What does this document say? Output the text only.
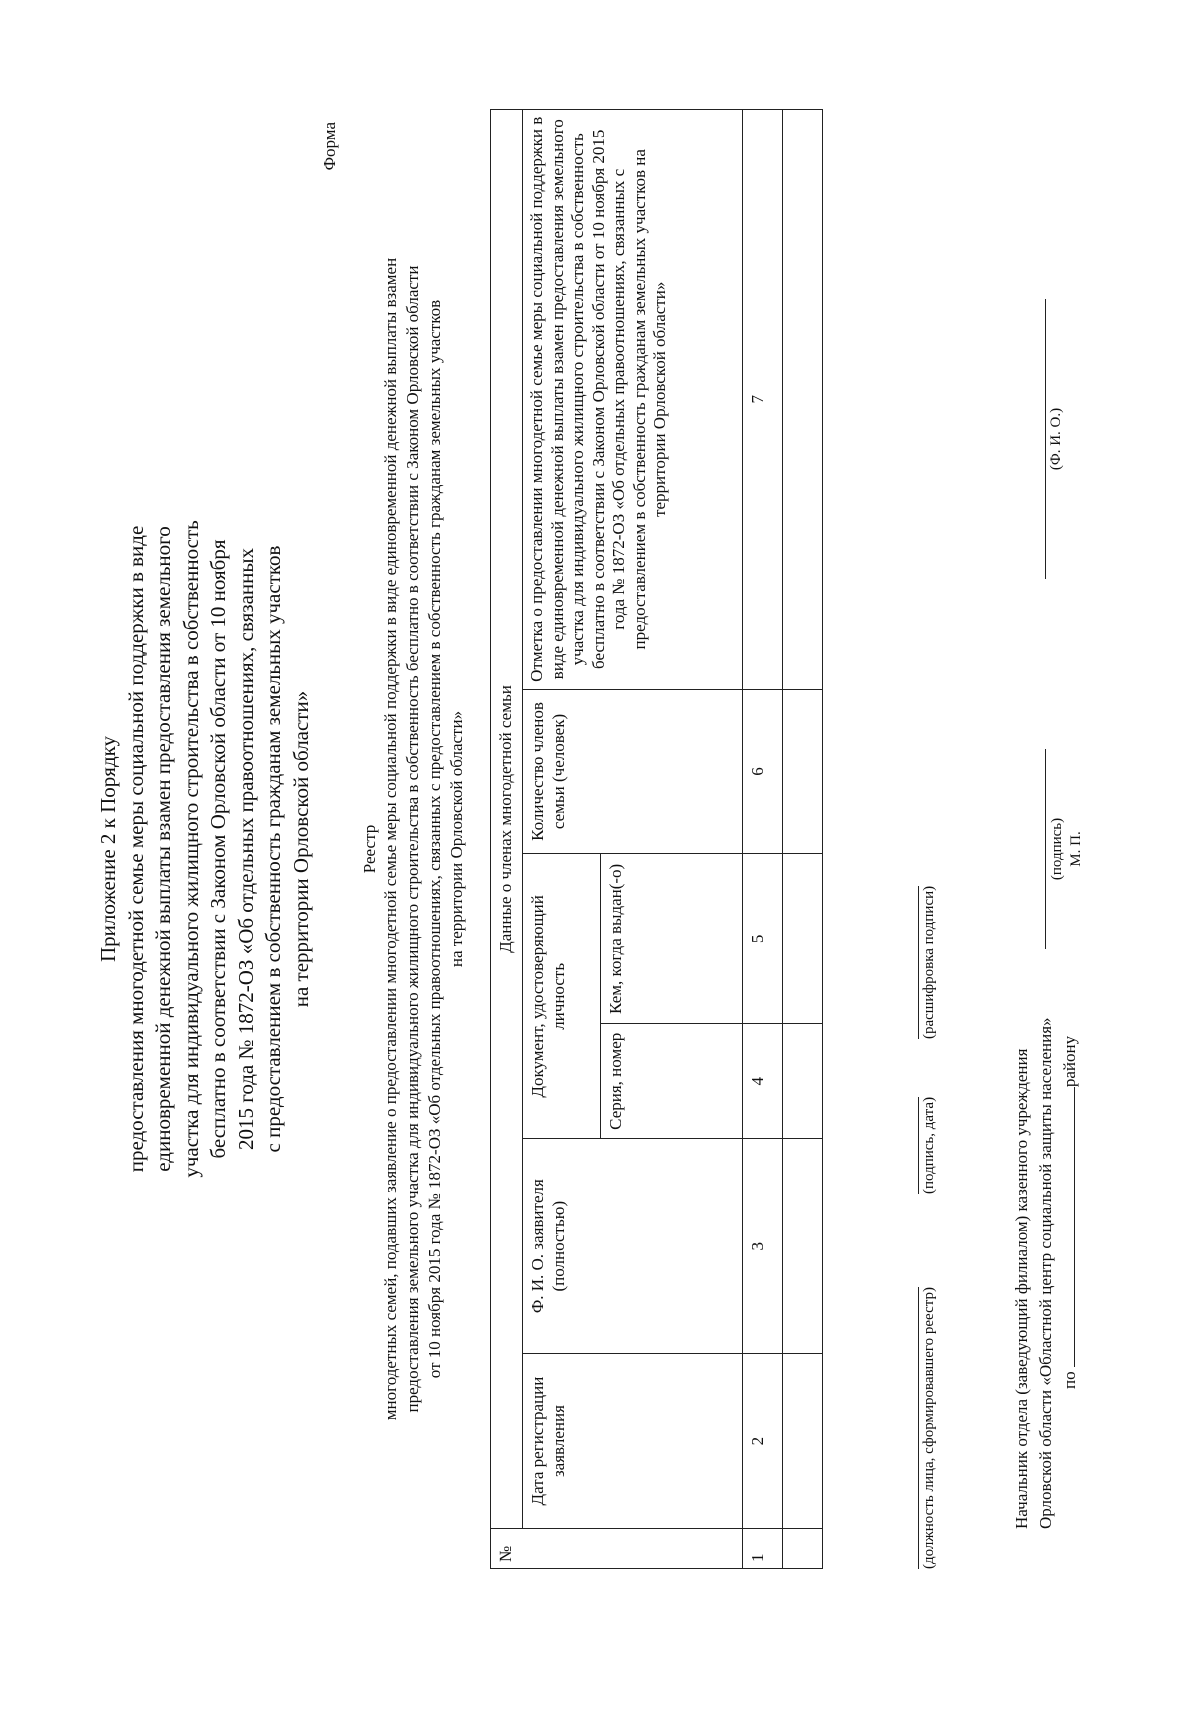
Приложение 2 к Порядку предоставления многодетной семье меры социальной поддержки в виде единовременной денежной выплаты взамен предоставления земельного участка для индивидуального жилищного строительства в собственность бесплатно в соответствии с Законом Орловской области от 10 ноября 2015 года № 1872-ОЗ «Об отдельных правоотношениях, связанных с предоставлением в собственность гражданам земельных участков на территории Орловской области»
Форма
Реестр многодетных семей, подавших заявление о предоставлении многодетной семье меры социальной поддержки в виде единовременной денежной выплаты взамен предоставления земельного участка для индивидуального жилищного строительства в собственность бесплатно в соответствии с Законом Орловской области от 10 ноября 2015 года № 1872-ОЗ «Об отдельных правоотношениях, связанных с предоставлением в собственность гражданам земельных участков на территории Орловской области»
№	Данные о членах многодетной семьи					
	Дата регистрации заявления	Ф. И. О. заявителя (полностью)	Документ, удостоверяющий личность		Количество членов семьи (человек)	Отметка о предоставлении многодетной семье меры социальной поддержки в виде единовременной денежной выплаты взамен предоставления земельного участка для индивидуального жилищного строительства в собственность бесплатно в соответствии с Законом Орловской области от 10 ноября 2015 года № 1872-ОЗ «Об отдельных правоотношениях, связанных с предоставлением в собственность гражданам земельных участков на территории Орловской области»
			Серия, номер	Кем, когда выдан(-о)		
1	2	3	4	5	6	7

(должность лица, сформировавшего реестр)
(подпись, дата)
(расшифровка подписи)
Начальник отдела (заведующий филиалом) казенного учреждения Орловской области «Областной центр социальной защиты населения» по району
(подпись) М. П.
(Ф. И. О.)
